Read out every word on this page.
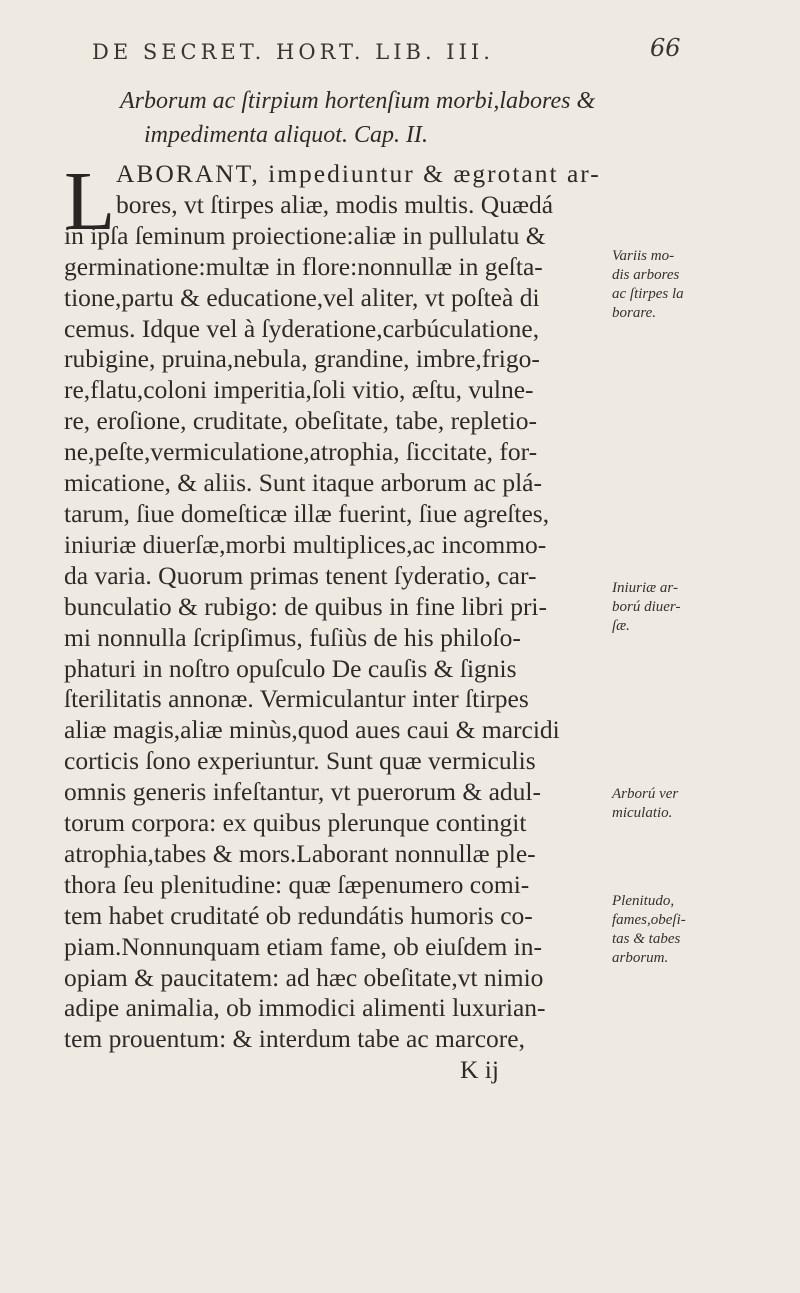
DE SECRET. HORT. LIB. III.	66
Arborum ac ſtirpium hortenſium morbi,labores &
impedimenta aliquot. Cap. II.
L ABORANT, impediuntur & ægrotant ar-
bores, vt ſtirpes aliæ, modis multis. Quædá
in ipſa ſeminum proiectione:aliæ in pullulatu &
germinatione:multæ in flore:nonnullæ in geſta-
tione,partu & educatione,vel aliter, vt poſteà di
cemus. Idque vel à ſyderatione,carbúculatione,
rubigine, pruina,nebula, grandine, imbre,frigo-
re,flatu,coloni imperitia,ſoli vitio, æſtu, vulne-
re, eroſione, cruditate, obeſitate, tabe, repletio-
ne,peſte,vermiculatione,atrophia, ſiccitate, for-
micatione, & aliis. Sunt itaque arborum ac plá-
tarum, ſiue domeſticæ illæ fuerint, ſiue agreſtes,
iniuriæ diuerſæ,morbi multiplices,ac incommo-
da varia. Quorum primas tenent ſyderatio, car-
bunculatio & rubigo: de quibus in fine libri pri-
mi nonnulla ſcripſimus, fuſiùs de his philoſo-
phaturi in noſtro opuſculo De cauſis & ſignis
ſterilitatis annonæ. Vermiculantur inter ſtirpes
aliæ magis,aliæ minùs,quod aues caui & marcidi
corticis ſono experiuntur. Sunt quæ vermiculis
omnis generis infeſtantur, vt puerorum & adul-
torum corpora: ex quibus plerunque contingit
atrophia,tabes & mors.Laborant nonnullæ ple-
thora ſeu plenitudine: quæ ſæpenumero comi-
tem habet cruditaté ob redundátis humoris co-
piam.Nonnunquam etiam fame, ob eiuſdem in-
opiam & paucitatem: ad hæc obeſitate,vt nimio
adipe animalia, ob immodici alimenti luxurian-
tem prouentum: & interdum tabe ac marcore,
K ij
Variis mo-
dis arbores
ac ſtirpes la
borare.
Iniuriæ ar-
ború diuer-
ſæ.
Arború ver
miculatio.
Plenitudo,
fames,obeſi-
tas & tabes
arborum.
